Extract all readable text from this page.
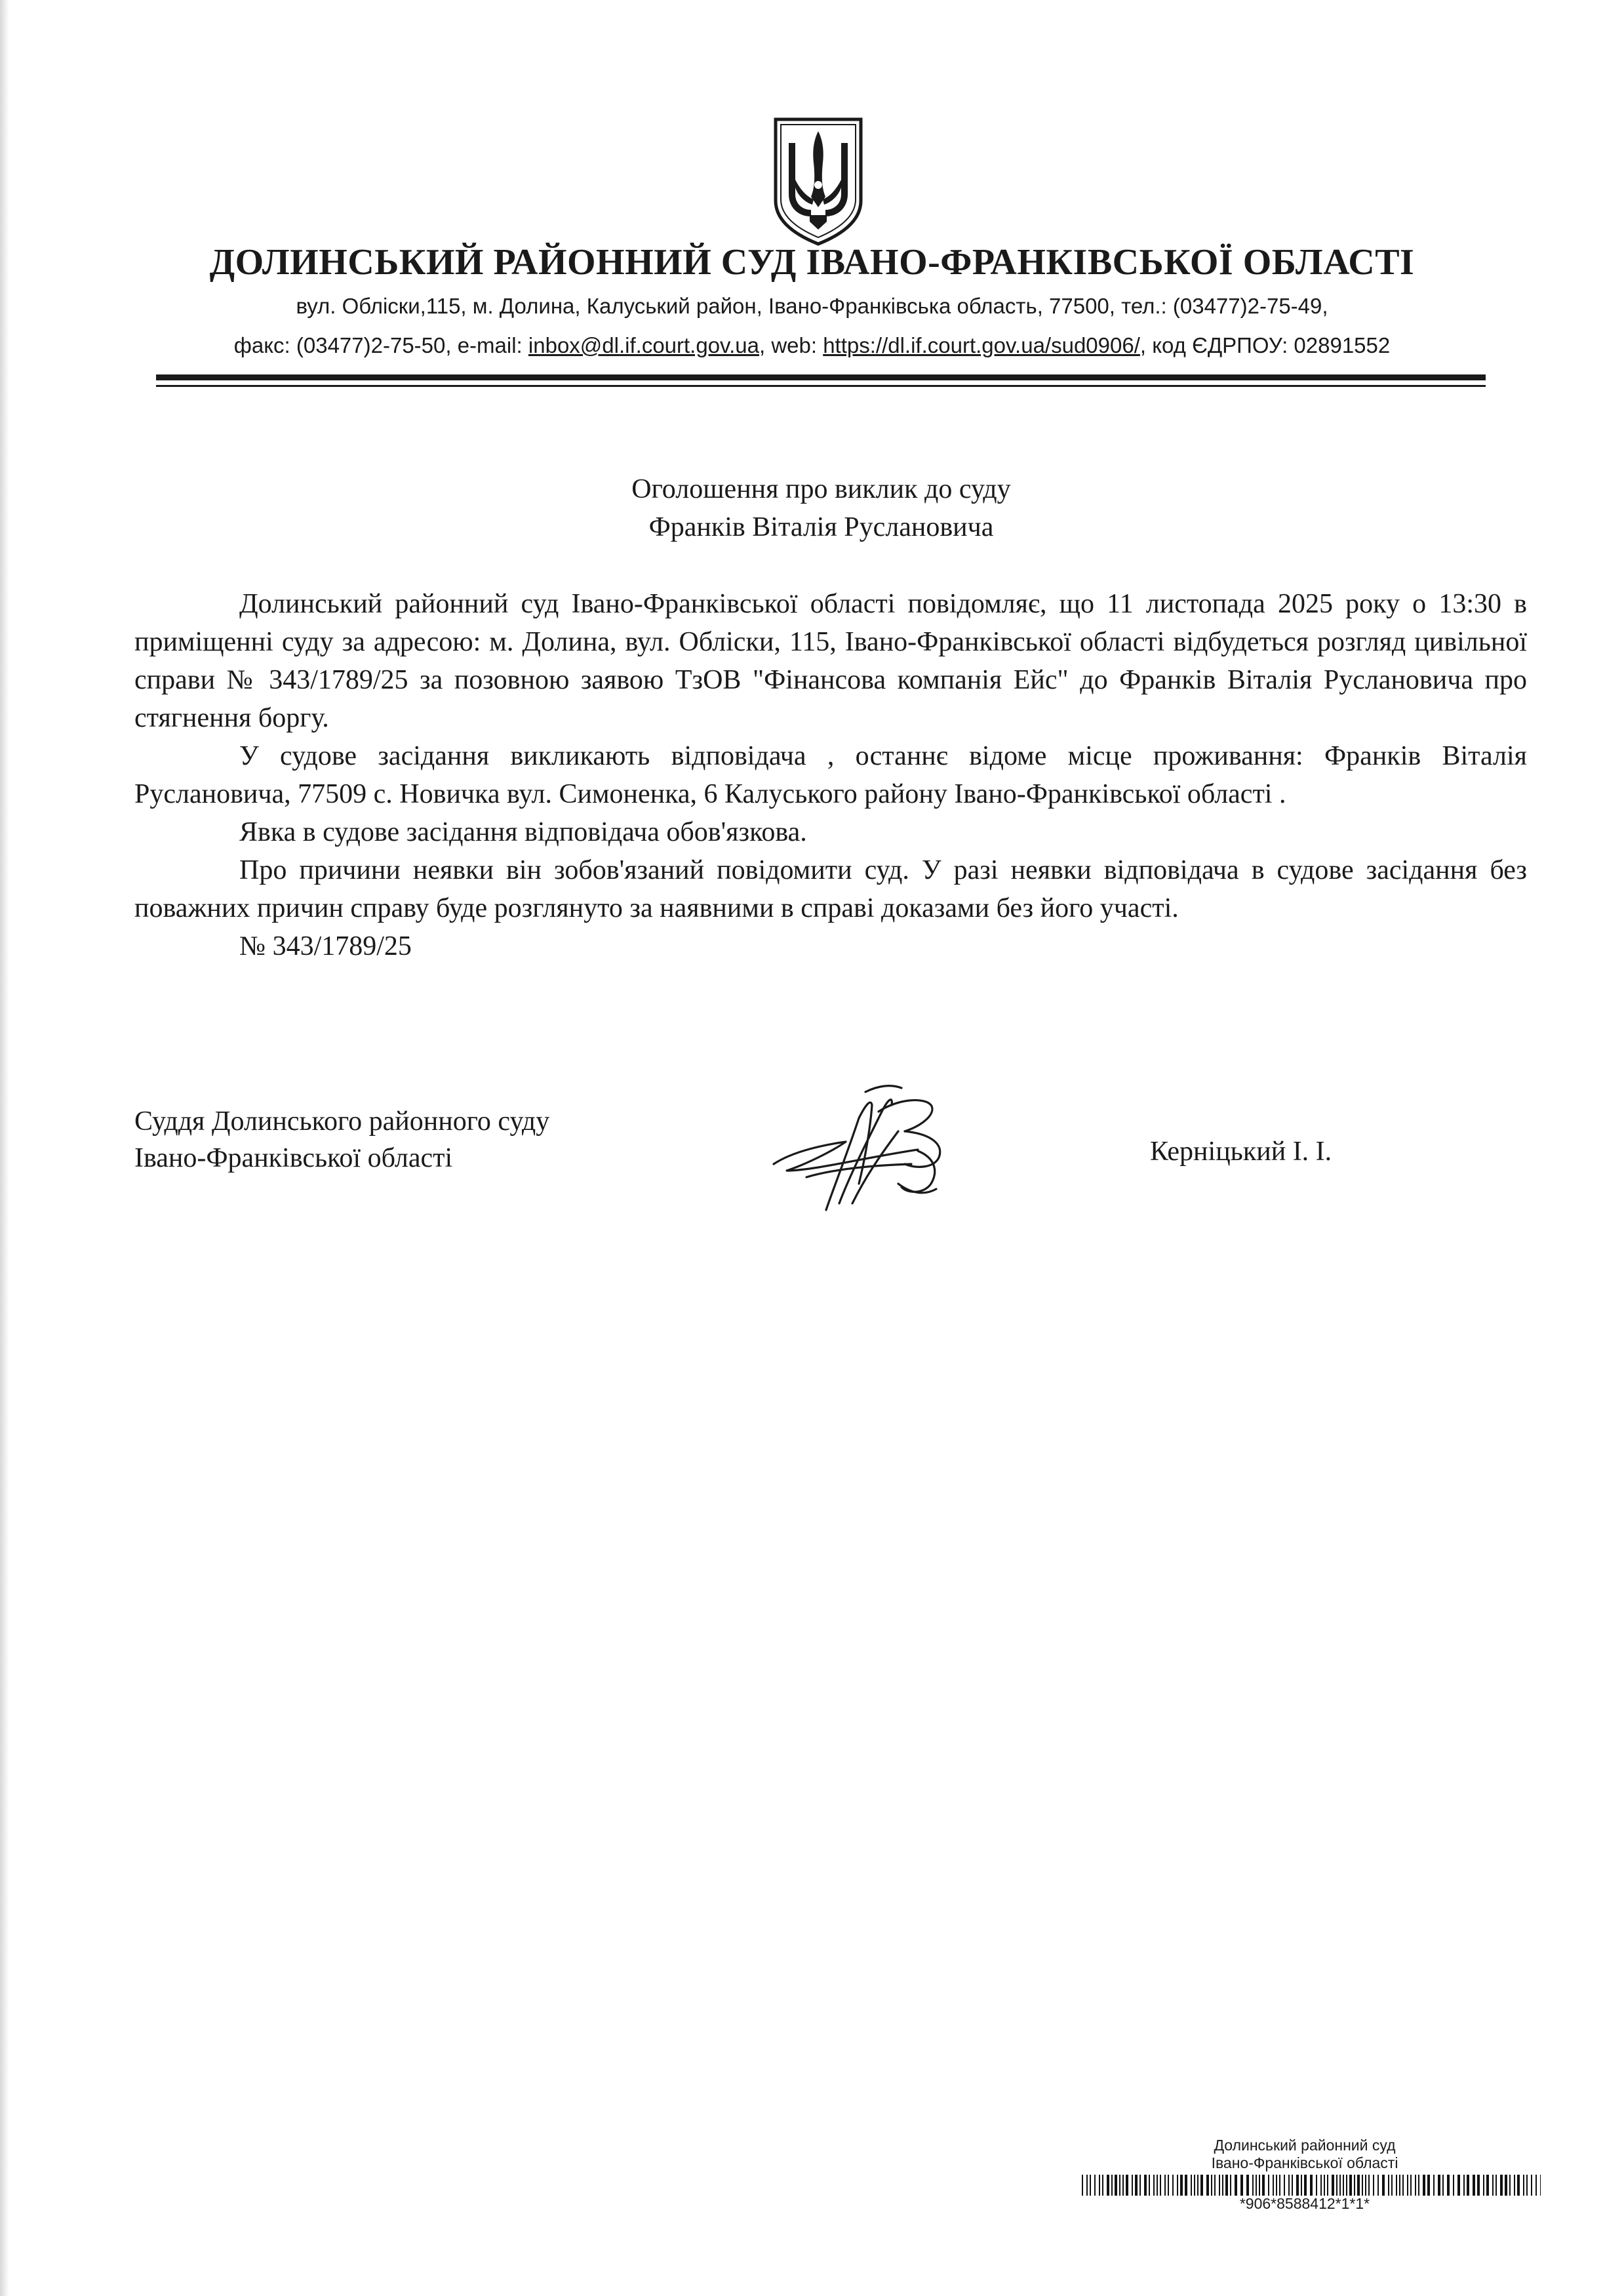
ДОЛИНСЬКИЙ РАЙОННИЙ СУД ІВАНО-ФРАНКІВСЬКОЇ ОБЛАСТІ
вул. Обліски,115, м. Долина, Калуський район, Івано-Франківська область, 77500, тел.: (03477)2-75-49,
факс: (03477)2-75-50, e-mail: inbox@dl.if.court.gov.ua, web: https://dl.if.court.gov.ua/sud0906/, код ЄДРПОУ: 02891552
Оголошення про виклик до суду
Франків Віталія Руслановича

Долинський районний суд Івано-Франківської області повідомляє, що 11 листопада 2025 року о 13:30 в приміщенні суду за адресою: м. Долина, вул. Обліски, 115, Івано-Франківської області відбудеться розгляд цивільної справи № 343/1789/25 за позовною заявою ТзОВ "Фінансова компанія Ейс" до Франків Віталія Руслановича про стягнення боргу.

У судове засідання викликають відповідача , останнє відоме місце проживання: Франків Віталія Руслановича, 77509 с. Новичка вул. Симоненка, 6 Калуського району Івано-Франківської області .

Явка в судове засідання відповідача обов'язкова.

Про причини неявки він зобов'язаний повідомити суд. У разі неявки відповідача в судове засідання без поважних причин справу буде розглянуто за наявними в справі доказами без його участі.

№ 343/1789/25

Суддя Долинського районного суду
Івано-Франківської області	Керніцький І. І.
Долинський районний суд
Івано-Франківської області
*906*8588412*1*1*
